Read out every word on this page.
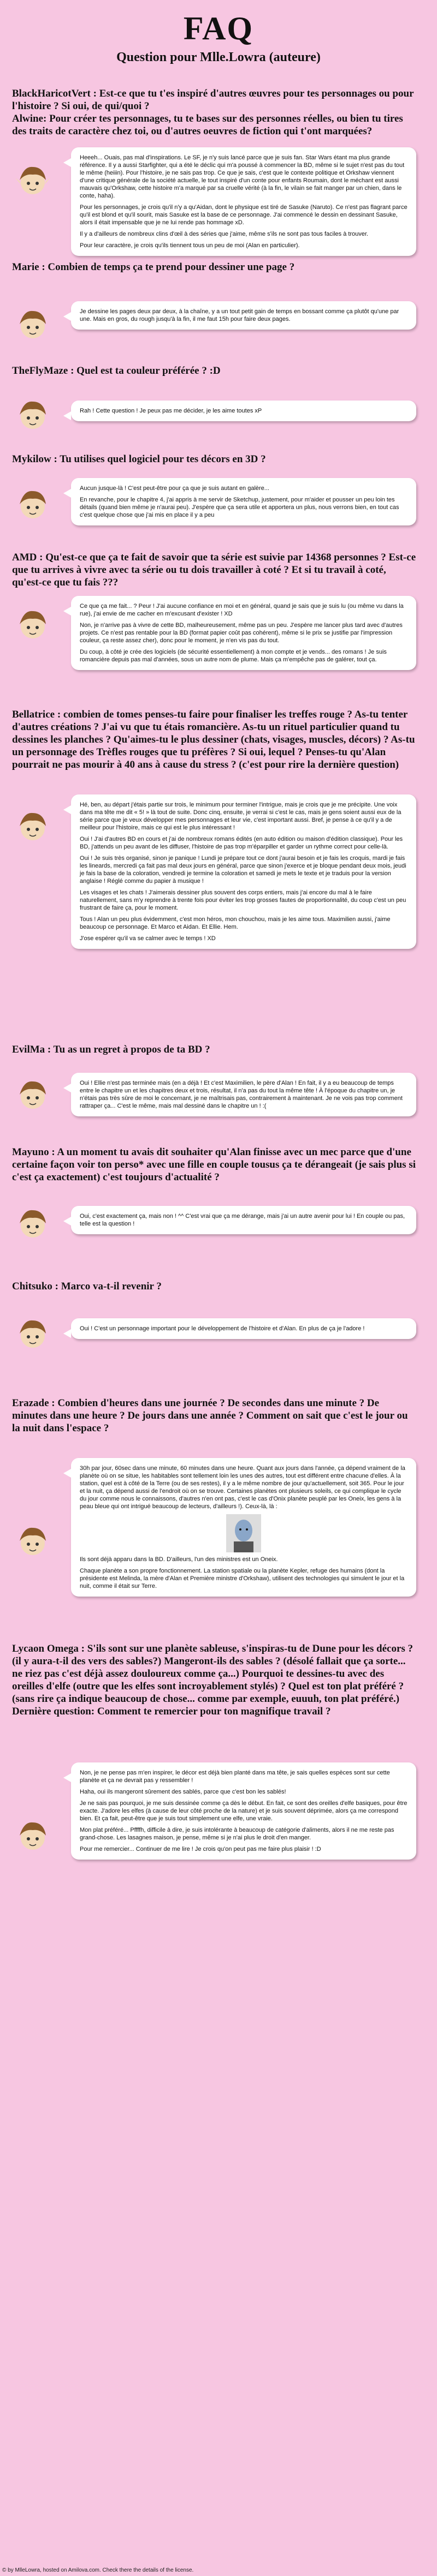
FAQ
Question pour Mlle.Lowra (auteure)
BlackHaricotVert : Est-ce que tu t'es inspiré d'autres œuvres pour tes personnages ou pour l'histoire ? Si oui, de qui/quoi ?
Alwine: Pour créer tes personnages, tu te bases sur des personnes réelles, ou bien tu tires des traits de caractère chez toi, ou d'autres oeuvres de fiction qui t'ont marquées?

Heeeh... Ouais, pas mal d'inspirations. Le SF, je n'y suis lancé parce que je suis fan. Star Wars étant ma plus grande référence. Il y a aussi Starfighter, qui a été le déclic qui m'a poussé à commencer la BD, même si le sujet n'est pas du tout le même (heiiin). Pour l'histoire, je ne sais pas trop. Ce que je sais, c'est que le contexte politique et Orkshaw viennent d'une critique générale de la société actuelle, le tout inspiré d'un conte pour enfants Roumain, dont le méchant est aussi mauvais qu'Orkshaw, cette histoire m'a marqué par sa cruelle vérité (à la fin, le vilain se fait manger par un chien, dans le conte, haha).

Pour les personnages, je crois qu'il n'y a qu'Aidan, dont le physique est tiré de Sasuke (Naruto). Ce n'est pas flagrant parce qu'il est blond et qu'il sourit, mais Sasuke est la base de ce personnage. J'ai commencé le dessin en dessinant Sasuke, alors il était impensable que je ne lui rende pas hommage xD.

Il y a d'ailleurs de nombreux clins d'œil à des séries que j'aime, même s'ils ne sont pas tous faciles à trouver.

Pour leur caractère, je crois qu'ils tiennent tous un peu de moi (Alan en particulier).

Marie : Combien de temps ça te prend pour dessiner une page ?

Je dessine les pages deux par deux, à la chaîne, y a un tout petit gain de temps en bossant comme ça plutôt qu'une par une. Mais en gros, du rough jusqu'à la fin, il me faut 15h pour faire deux pages.

TheFlyMaze : Quel est ta couleur préférée ? :D

Rah ! Cette question ! Je peux pas me décider, je les aime toutes xP

Mykilow : Tu utilises quel logiciel pour tes décors en 3D ?

Aucun jusque-là ! C'est peut-être pour ça que je suis autant en galère...

En revanche, pour le chapitre 4, j'ai appris à me servir de Sketchup, justement, pour m'aider et pousser un peu loin tes détails (quand bien même je n'aurai peu). J'espère que ça sera utile et apportera un plus, nous verrons bien, en tout cas c'est quelque chose que j'ai mis en place il y a peu

AMD : Qu'est-ce que ça te fait de savoir que ta série est suivie par 14368 personnes ? Est-ce que tu arrives à vivre avec ta série ou tu dois travailler à coté ? Et si tu travail à coté, qu'est-ce que tu fais ???

Ce que ça me fait... ? Peur ! J'ai aucune confiance en moi et en général, quand je sais que je suis lu (ou même vu dans la rue), j'ai envie de me cacher en m'excusant d'exister ! XD

Non, je n'arrive pas à vivre de cette BD, malheureusement, même pas un peu. J'espère me lancer plus tard avec d'autres projets. Ce n'est pas rentable pour la BD (format papier coût pas cohérent), même si le prix se justifie par l'impression couleur, ça reste assez cher), donc pour le moment, je n'en vis pas du tout.

Du coup, à côté je crée des logiciels (de sécurité essentiellement) à mon compte et je vends... des romans ! Je suis romancière depuis pas mal d'années, sous un autre nom de plume. Mais ça m'empêche pas de galérer, tout ça.

Bellatrice : combien de tomes penses-tu faire pour finaliser les treffes rouge ? As-tu tenter d'autres créations ? J'ai vu que tu étais romancière. As-tu un rituel particulier quand tu dessines les planches ? Qu'aimes-tu le plus dessiner (chats, visages, muscles, décors) ? As-tu un personnage des Trèfles rouges que tu préfères ? Si oui, lequel ? Penses-tu qu'Alan pourrait ne pas mourir à 40 ans à cause du stress ? (c'est pour rire la dernière question)

Hé, ben, au départ j'étais partie sur trois, le minimum pour terminer l'intrigue, mais je crois que je me précipite. Une voix dans ma tête me dit « 5! » là tout de suite. Donc cinq, ensuite, je verrai si c'est le cas, mais je gens soient aussi eux de la série parce que je veux développer mes personnages et leur vie, c'est important aussi. Bref, je pense à ce qu'il y a de meilleur pour l'histoire, mais ce qui est le plus intéressant !

Oui ! J'ai d'autres BD en cours et j'ai de nombreux romans édités (en auto édition ou maison d'édition classique). Pour les BD, j'attends un peu avant de les diffuser, l'histoire de pas trop m'éparpiller et garder un rythme correct pour celle-là.

Oui ! Je suis très organisé, sinon je panique ! Lundi je prépare tout ce dont j'aurai besoin et je fais les croquis, mardi je fais les lineards, mercredi ça fait pas mal deux jours en général, parce que sinon j'exerce et je bloque pendant deux mois, jeudi je fais la base de la coloration, vendredi je termine la coloration et samedi je mets le texte et je traduis pour la version anglaise ! Réglé comme du papier à musique !

Les visages et les chats ! J'aimerais dessiner plus souvent des corps entiers, mais j'ai encore du mal à le faire naturellement, sans m'y reprendre à trente fois pour éviter les trop grosses fautes de proportionnalité, du coup c'est un peu frustrant de faire ça, pour le moment.

Tous ! Alan un peu plus évidemment, c'est mon héros, mon chouchou, mais je les aime tous. Maximilien aussi, j'aime beaucoup ce personnage. Et Marco et Aidan. Et Ellie. Hem.

J'ose espérer qu'il va se calmer avec le temps ! XD

EvilMa : Tu as un regret à propos de ta BD ?

Oui ! Ellie n'est pas terminée mais (en a déjà ! Et c'est Maximilien, le père d'Alan ! En fait, il y a eu beaucoup de temps entre le chapitre un et les chapitres deux et trois, résultat, il n'a pas du tout la même tête ! À l'époque du chapitre un, je n'étais pas très sûre de moi le concernant, je ne maîtrisais pas, contrairement à maintenant. Je ne vois pas trop comment rattraper ça... C'est le même, mais mal dessiné dans le chapitre un ! :(

Mayuno : A un moment tu avais dit souhaiter qu'Alan finisse avec un mec parce que d'une certaine façon voir ton perso* avec une fille en couple tousus ça te dérangeait (je sais plus si c'est ça exactement) c'est toujours d'actualité ?

Oui, c'est exactement ça, mais non ! ^^ C'est vrai que ça me dérange, mais j'ai un autre avenir pour lui ! En couple ou pas, telle est la question !

Chitsuko : Marco va-t-il revenir ?

Oui ! C'est un personnage important pour le développement de l'histoire et d'Alan. En plus de ça je l'adore !

Erazade : Combien d'heures dans une journée ? De secondes dans une minute ? De minutes dans une heure ? De jours dans une année ? Comment on sait que c'est le jour ou la nuit dans l'espace ?

30h par jour, 60sec dans une minute, 60 minutes dans une heure. Quant aux jours dans l'année, ça dépend vraiment de la planète où on se situe, les habitables sont tellement loin les unes des autres, tout est différent entre chacune d'elles. À la station, quel est à côté de la Terre (ou de ses restes), il y a le même nombre de jour qu'actuellement, soit 365. Pour le jour et la nuit, ça dépend aussi de l'endroit où on se trouve. Certaines planètes ont plusieurs soleils, ce qui complique le cycle du jour comme nous le connaissons, d'autres n'en ont pas, c'est le cas d'Onix planète peuplé par les Oneix, les gens à la peau bleue qui ont intrigué beaucoup de lecteurs, d'ailleurs !). Ceux-là, là :

Ils sont déjà apparu dans la BD. D'ailleurs, l'un des ministres est un Oneix.

Chaque planète a son propre fonctionnement. La station spatiale ou la planète Kepler, refuge des humains (dont la présidente est Melinda, la mère d'Alan et Première ministre d'Orkshaw), utilisent des technologies qui simulent le jour et la nuit, comme il était sur Terre.

Lycaon Omega : S'ils sont sur une planète sableuse, s'inspiras-tu de Dune pour les décors ? (il y aura-t-il des vers des sables?) Mangeront-ils des sables ? (désolé fallait que ça sorte... ne riez pas c'est déjà assez douloureux comme ça...) Pourquoi te dessines-tu avec des oreilles d'elfe (outre que les elfes sont incroyablement stylés) ? Quel est ton plat préféré ? (sans rire ça indique beaucoup de chose... comme par exemple, euuuh, ton plat préféré.) Dernière question: Comment te remercier pour ton magnifique travail ?

Non, je ne pense pas m'en inspirer, le décor est déjà bien planté dans ma tête, je sais quelles espèces sont sur cette planète et ça ne devrait pas y ressembler !

Haha, oui ils mangeront sûrement des sablés, parce que c'est bon les sablés!

Je ne sais pas pourquoi, je me suis dessinée comme ça dès le début. En fait, ce sont des oreilles d'elfe basiques, pour être exacte. J'adore les elfes (à cause de leur côté proche de la nature) et je suis souvent déprimée, alors ça me correspond bien. Et ça fait, peut-être que je suis tout simplement une elfe, une vraie.

Mon plat préféré... Pffffh, difficile à dire, je suis intolérante à beaucoup de catégorie d'aliments, alors il ne me reste pas grand-chose. Les lasagnes maison, je pense, même si je n'ai plus le droit d'en manger.

Pour me remercier... Continuer de me lire ! Je crois qu'on peut pas me faire plus plaisir ! :D

© by MlleLowra, hosted on Amilova.com. Check there the details of the license.
